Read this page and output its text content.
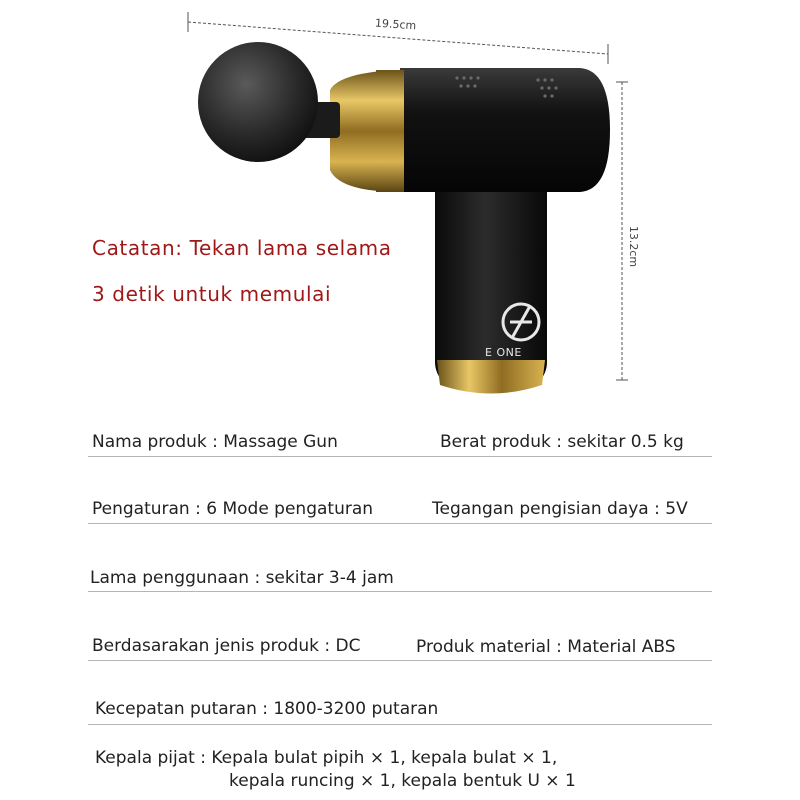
19.5cm
13.2cm
E ONE
Catatan: Tekan lama selama
3 detik untuk memulai
Nama produk : Massage Gun	Berat produk : sekitar 0.5 kg
Pengaturan : 6 Mode pengaturan	Tegangan pengisian daya : 5V
Lama penggunaan : sekitar 3-4 jam
Berdasarakan jenis produk : DC	Produk material : Material ABS
Kecepatan putaran : 1800-3200 putaran
Kepala pijat : Kepala bulat pipih × 1, kepala bulat × 1,
kepala runcing × 1, kepala bentuk U × 1
